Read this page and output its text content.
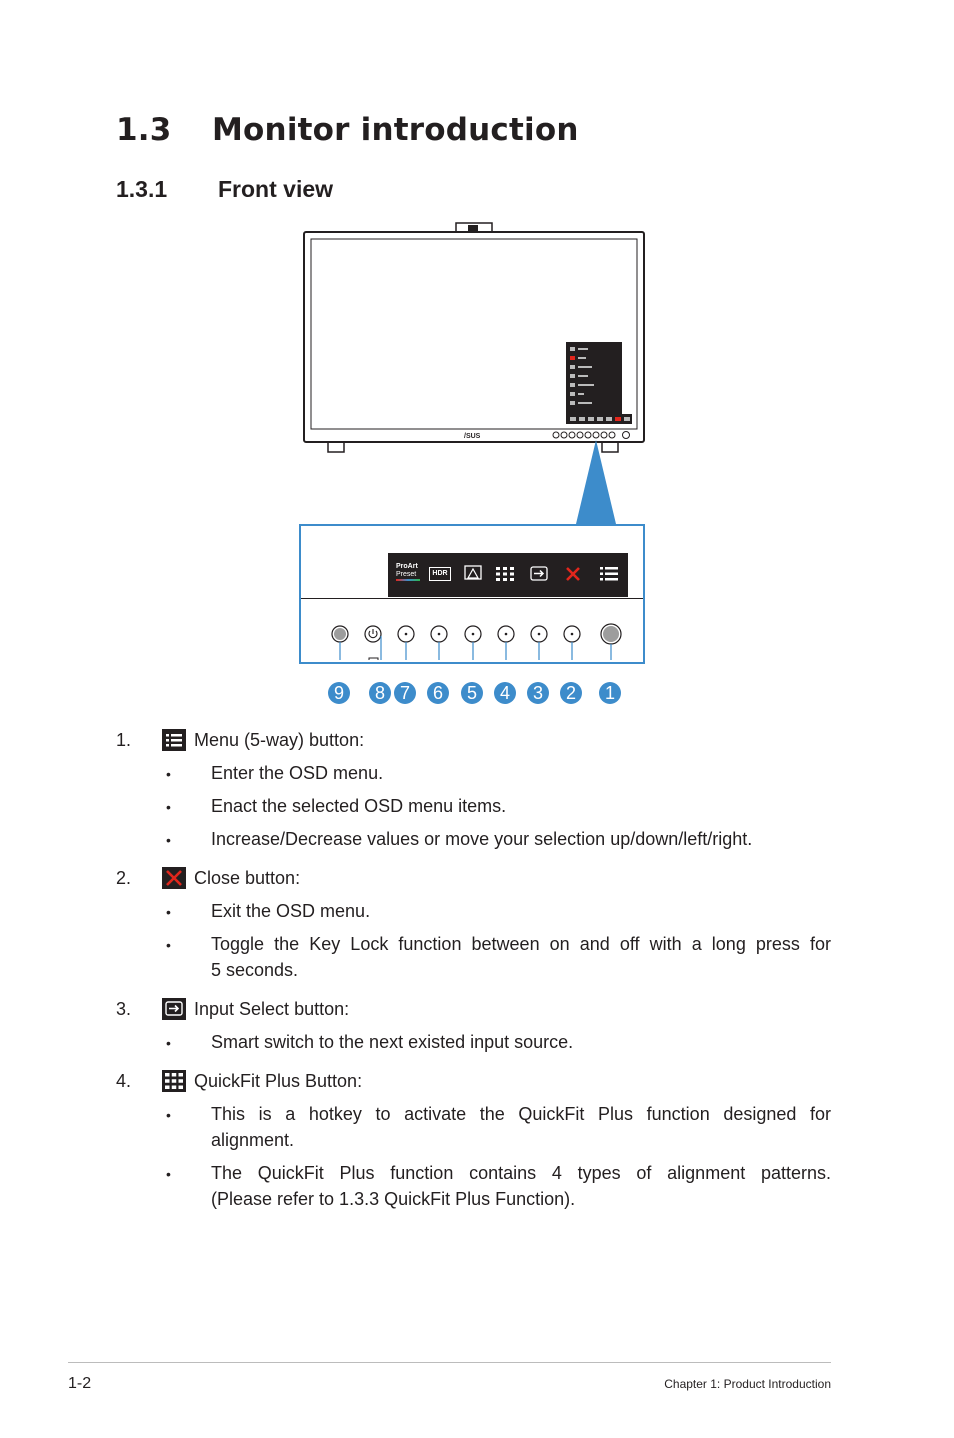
1.3 Monitor introduction
1.3.1 Front view
/SUS
ProArt
Preset	HDR
9	8 7	6	5	4	3	2	1
1.	Menu (5-way) button:
• Enter the OSD menu.
• Enact the selected OSD menu items.
• Increase/Decrease values or move your selection up/down/left/right.
2.	Close button:
• Exit the OSD menu.
• Toggle the Key Lock function between on and off with a long press for
5 seconds.
3.	Input Select button:
• Smart switch to the next existed input source.
4.	QuickFit Plus Button:
• This is a hotkey to activate the QuickFit Plus function designed for
alignment.
• The QuickFit Plus function contains 4 types of alignment patterns.
(Please refer to 1.3.3 QuickFit Plus Function).
1-2	Chapter 1: Product Introduction
